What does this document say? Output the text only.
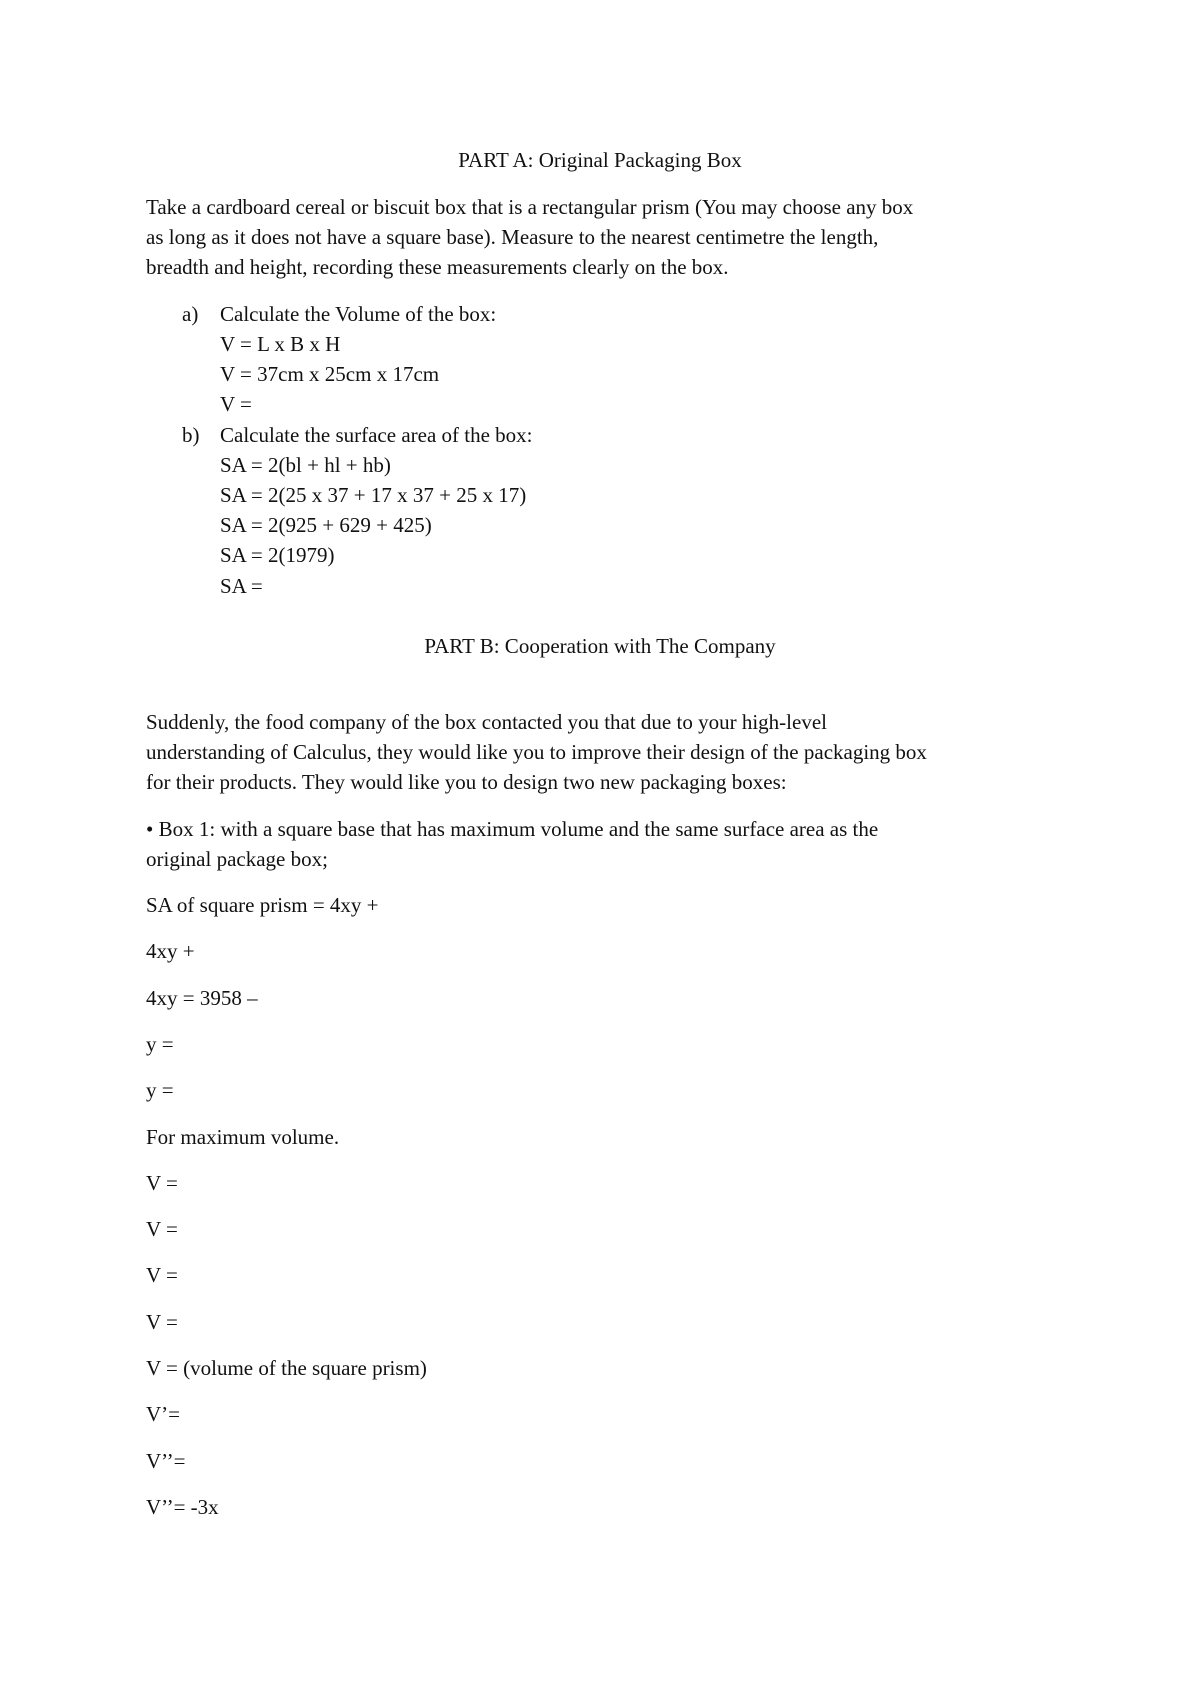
PART A: Original Packaging Box
Take a cardboard cereal or biscuit box that is a rectangular prism (You may choose any box
as long as it does not have a square base). Measure to the nearest centimetre the length,
breadth and height, recording these measurements clearly on the box.
a) Calculate the Volume of the box:
V = L x B x H
V = 37cm x 25cm x 17cm
V =
b) Calculate the surface area of the box:
SA = 2(bl + hl + hb)
SA = 2(25 x 37 + 17 x 37 + 25 x 17)
SA = 2(925 + 629 + 425)
SA = 2(1979)
SA =
PART B: Cooperation with The Company
Suddenly, the food company of the box contacted you that due to your high-level
understanding of Calculus, they would like you to improve their design of the packaging box
for their products. They would like you to design two new packaging boxes:
• Box 1: with a square base that has maximum volume and the same surface area as the
original package box;
SA of square prism = 4xy +
4xy +
4xy = 3958 –
y =
y =
For maximum volume.
V =
V =
V =
V =
V = (volume of the square prism)
V’=
V’’=
V’’= -3x
